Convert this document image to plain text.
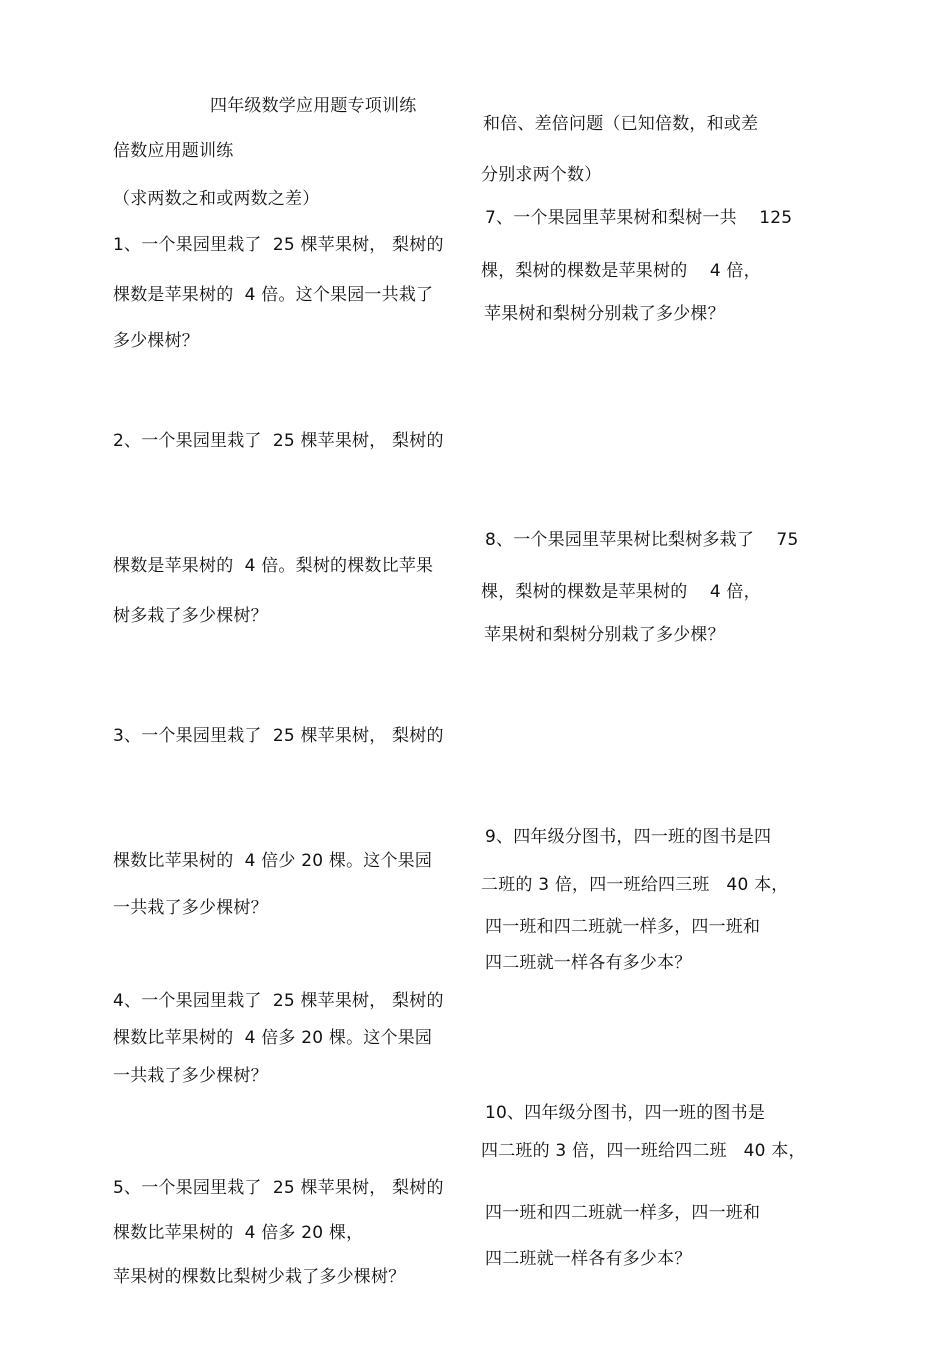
四年级数学应用题专项训练
倍数应用题训练
（求两数之和或两数之差）
1、一个果园里栽了  25 棵苹果树， 梨树的
棵数是苹果树的  4 倍。这个果园一共栽了
多少棵树？
2、一个果园里栽了  25 棵苹果树， 梨树的
棵数是苹果树的  4 倍。梨树的棵数比苹果
树多栽了多少棵树？
3、一个果园里栽了  25 棵苹果树， 梨树的
棵数比苹果树的  4 倍少 20 棵。这个果园
一共栽了多少棵树？
4、一个果园里栽了  25 棵苹果树， 梨树的
棵数比苹果树的  4 倍多 20 棵。这个果园
一共栽了多少棵树？
5、一个果园里栽了  25 棵苹果树， 梨树的
棵数比苹果树的  4 倍多 20 棵，
苹果树的棵数比梨树少栽了多少棵树？
和倍、差倍问题（已知倍数，和或差
分别求两个数）
7、一个果园里苹果树和梨树一共    125
棵，梨树的棵数是苹果树的    4 倍，
苹果树和梨树分别栽了多少棵？
8、一个果园里苹果树比梨树多栽了    75
棵，梨树的棵数是苹果树的    4 倍，
苹果树和梨树分别栽了多少棵？
9、四年级分图书，四一班的图书是四
二班的 3 倍，四一班给四三班   40 本，
四一班和四二班就一样多，四一班和
四二班就一样各有多少本？
10、四年级分图书，四一班的图书是
四二班的 3 倍，四一班给四二班   40 本，
四一班和四二班就一样多，四一班和
四二班就一样各有多少本？
